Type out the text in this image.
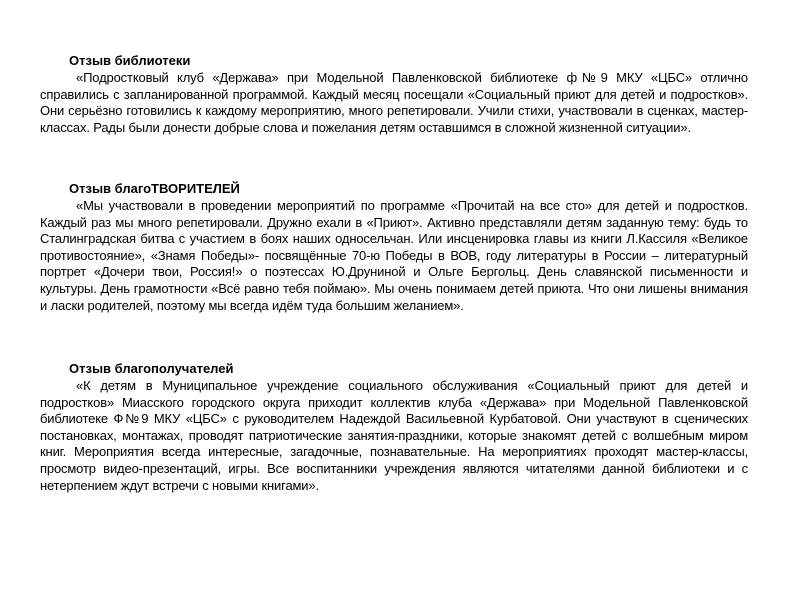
Отзыв библиотеки

«Подростковый клуб «Держава» при Модельной Павленковской библиотеке ф№9 МКУ «ЦБС» отлично справились с запланированной программой. Каждый месяц посещали «Социальный приют для детей и подростков». Они серьёзно готовились к каждому мероприятию, много репетировали. Учили стихи, участвовали в сценках, мастер-классах. Рады были донести добрые слова и пожелания детям оставшимся в сложной жизненной ситуации».

Отзыв благоТВОРИТЕЛЕЙ

«Мы участвовали в проведении мероприятий по программе «Прочитай на все сто» для детей и подростков. Каждый раз мы много репетировали. Дружно ехали в «Приют». Активно представляли детям заданную тему: будь то Сталинградская битва с участием в боях наших односельчан. Или инсценировка главы из книги Л.Кассиля «Великое противостояние», «Знамя Победы»- посвящённые 70-ю Победы в ВОВ, году литературы в России – литературный портрет «Дочери твои, Россия!» о поэтессах Ю.Друниной и Ольге Бергольц. День славянской письменности и культуры. День грамотности «Всё равно тебя поймаю». Мы очень понимаем детей приюта. Что они лишены внимания и ласки родителей, поэтому мы всегда идём туда большим желанием».

Отзыв благополучателей

«К детям в Муниципальное учреждение социального обслуживания «Социальный приют для детей и подростков» Миасского городского округа приходит коллектив клуба «Держава» при Модельной Павленковской библиотеке Ф№9 МКУ «ЦБС» с руководителем Надеждой Васильевной Курбатовой. Они участвуют в сценических постановках, монтажах, проводят патриотические занятия-праздники, которые знакомят детей с волшебным миром книг. Мероприятия всегда интересные, загадочные, познавательные. На мероприятиях проходят мастер-классы, просмотр видео-презентаций, игры. Все воспитанники учреждения являются читателями данной библиотеки и с нетерпением ждут встречи с новыми книгами».
